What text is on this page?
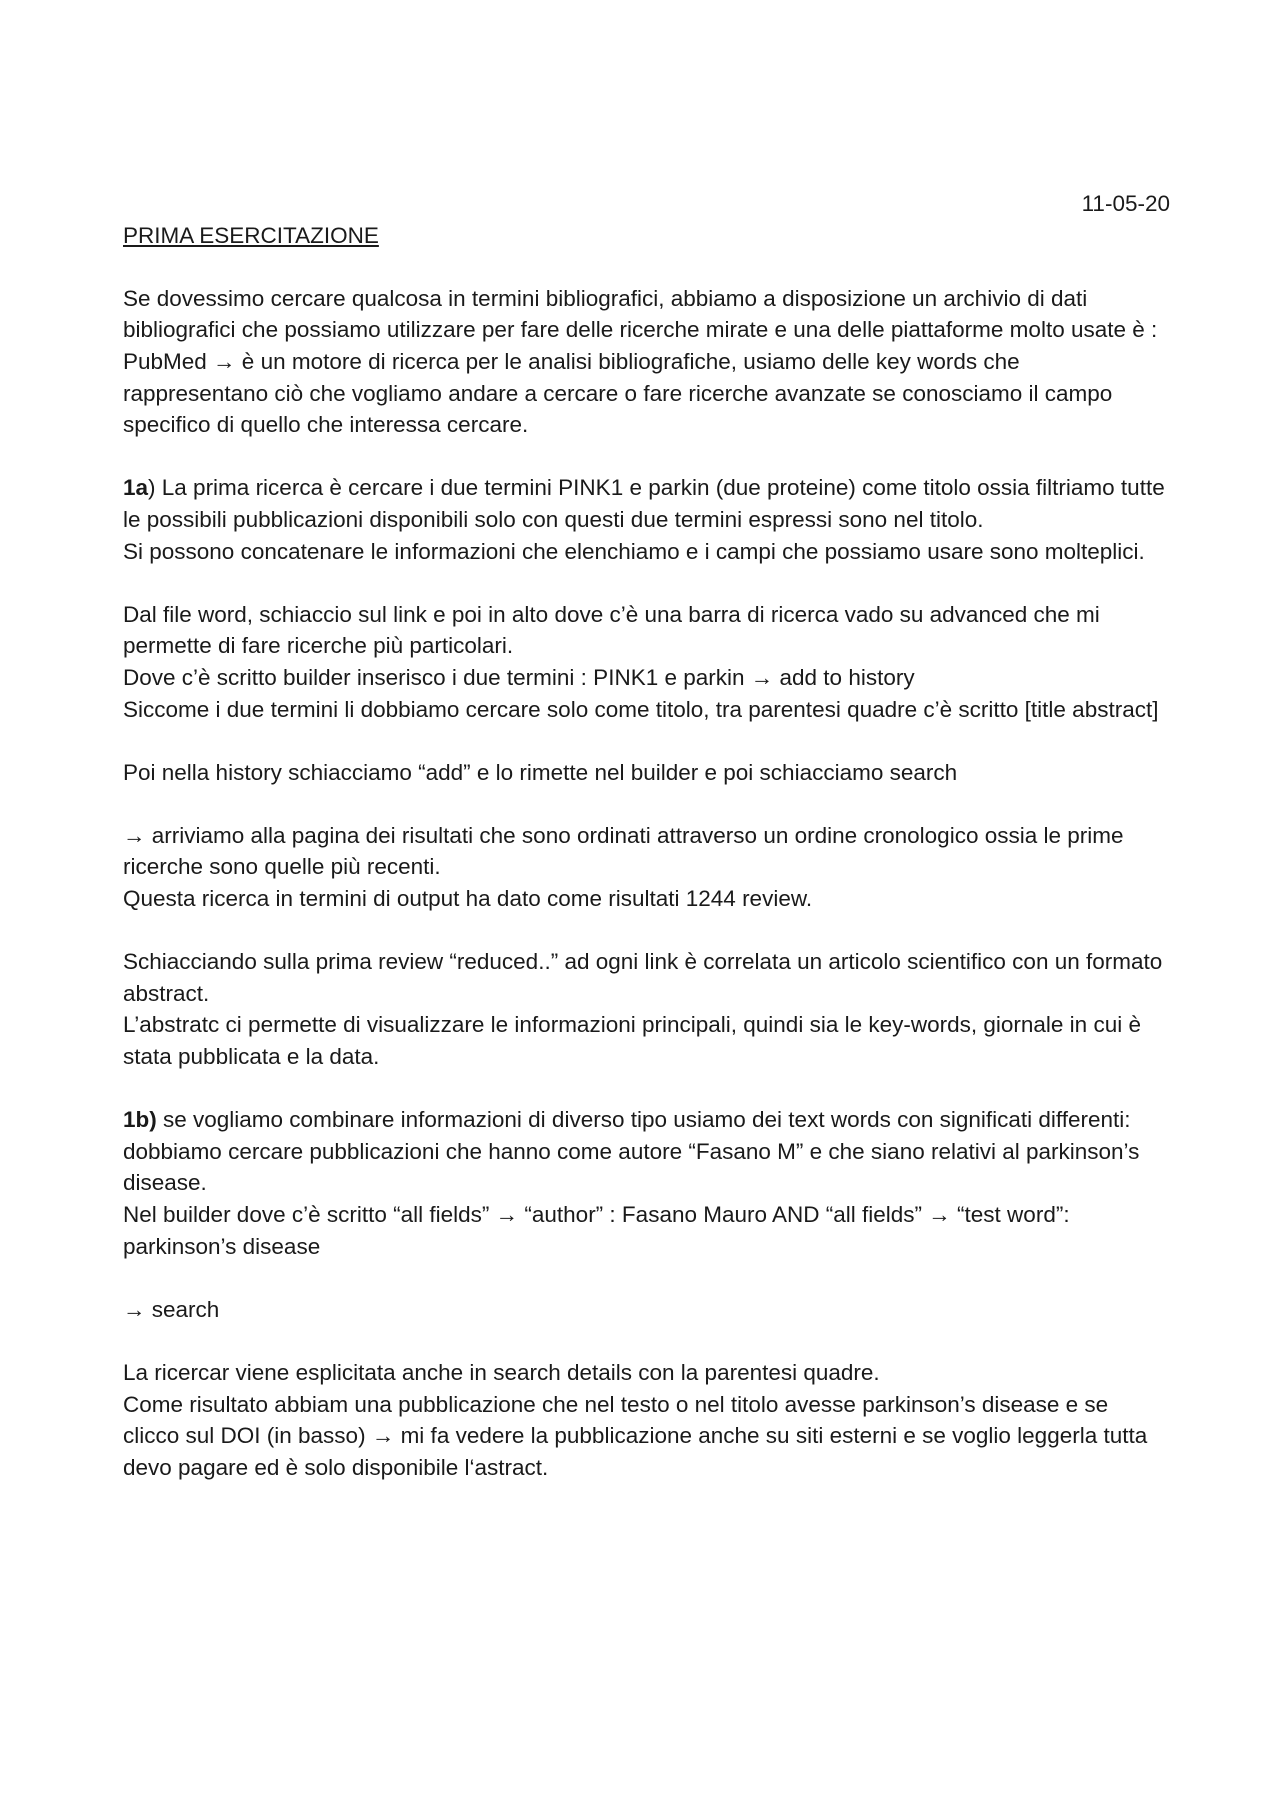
11-05-20

PRIMA ESERCITAZIONE

Se dovessimo cercare qualcosa in termini bibliografici, abbiamo a disposizione un archivio di dati bibliografici che possiamo utilizzare per fare delle ricerche mirate e una delle piattaforme molto usate è :

PubMed → è un motore di ricerca per le analisi bibliografiche, usiamo delle key words che rappresentano ciò che vogliamo andare a cercare o fare ricerche avanzate se conosciamo il campo specifico di quello che interessa cercare.

1a) La prima ricerca è cercare i due termini PINK1 e parkin (due proteine) come titolo ossia filtriamo tutte le possibili pubblicazioni disponibili solo con questi due termini espressi sono nel titolo.

Si possono concatenare le informazioni che elenchiamo e i campi che possiamo usare sono molteplici.

Dal file word, schiaccio sul link e poi in alto dove c’è una barra di ricerca vado su advanced che mi permette di fare ricerche più particolari.

Dove c’è scritto builder inserisco i due termini : PINK1 e parkin → add to history

Siccome i due termini li dobbiamo cercare solo come titolo, tra parentesi quadre c’è scritto [title abstract]

Poi nella history schiacciamo “add” e lo rimette nel builder e poi schiacciamo search

→ arriviamo alla pagina dei risultati che sono ordinati attraverso un ordine cronologico ossia le prime ricerche sono quelle più recenti.

Questa ricerca in termini di output ha dato come risultati 1244 review.

Schiacciando sulla prima review “reduced..” ad ogni link è correlata un articolo scientifico con un formato abstract.

L’abstratc ci permette di visualizzare le informazioni principali, quindi sia le key-words, giornale in cui è stata pubblicata e la data.

1b) se vogliamo combinare informazioni di diverso tipo usiamo dei text words con significati differenti: dobbiamo cercare pubblicazioni che hanno come autore “Fasano M” e che siano relativi al parkinson’s disease.

Nel builder dove c’è scritto “all fields” → “author” : Fasano Mauro AND “all fields” → “test word”: parkinson’s disease

→ search

La ricercar viene esplicitata anche in search details con la parentesi quadre.

Come risultato abbiam una pubblicazione che nel testo o nel titolo avesse parkinson’s disease e se clicco sul DOI (in basso) → mi fa vedere la pubblicazione anche su siti esterni e se voglio leggerla tutta devo pagare ed è solo disponibile l‘astract.
